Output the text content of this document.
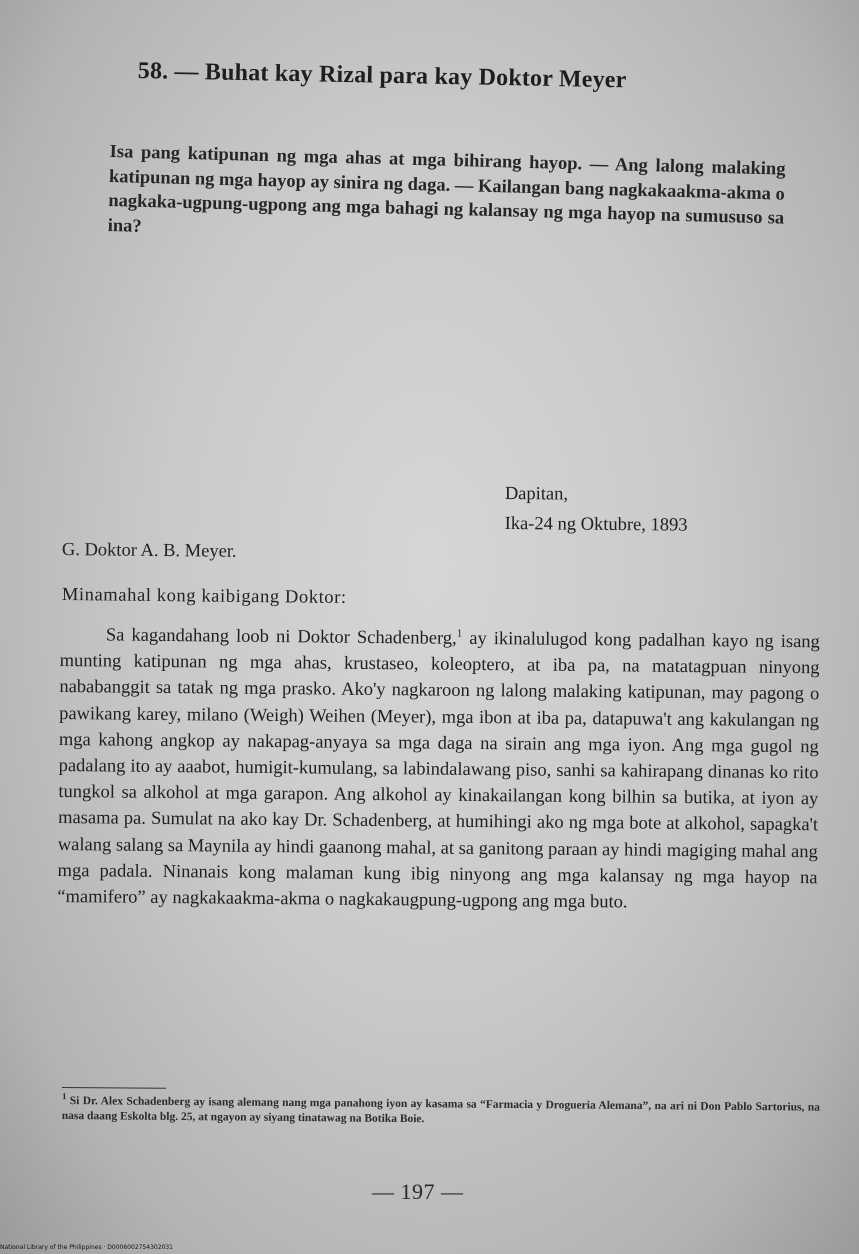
58. — Buhat kay Rizal para kay Doktor Meyer
Isa pang katipunan ng mga ahas at mga bihirang hayop. — Ang lalong malaking katipunan ng mga hayop ay sinira ng daga. — Kailangan bang nagkakaakma-akma o nagkaka-ugpung-ugpong ang mga bahagi ng kalansay ng mga hayop na sumususo sa ina?
Dapitan,
Ika-24 ng Oktubre, 1893
G. Doktor A. B. Meyer.
Minamahal kong kaibigang Doktor:

Sa kagandahang loob ni Doktor Schadenberg,$^1$ ay ikinalulugod kong padalhan kayo ng isang munting katipunan ng mga ahas, krustaseo, koleoptero, at iba pa, na matatagpuan ninyong nababanggit sa tatak ng mga prasko. Ako'y nagkaroon ng lalong malaking katipunan, may pagong o pawikang karey, milano (Weigh) Weihen (Meyer), mga ibon at iba pa, datapuwa't ang kakulangan ng mga kahong angkop ay nakapag-anyaya sa mga daga na sirain ang mga iyon. Ang mga gugol ng padalang ito ay aaabot, humigit-kumulang, sa labindalawang piso, sanhi sa kahirapang dinanas ko rito tungkol sa alkohol at mga garapon. Ang alkohol ay kinakailangan kong bilhin sa butika, at iyon ay masama pa. Sumulat na ako kay Dr. Schadenberg, at humihingi ako ng mga bote at alkohol, sapagka't walang salang sa Maynila ay hindi gaanong mahal, at sa ganitong paraan ay hindi magiging mahal ang mga padala. Ninanais kong malaman kung ibig ninyong ang mga kalansay ng mga hayop na “mamifero” ay nagkakaakma-akma o nagkakaugpung-ugpong ang mga buto.

$^1$ Si Dr. Alex Schadenberg ay isang alemang nang mga panahong iyon ay kasama sa “Farmacia y Drogueria Alemana”, na ari ni Don Pablo Sartorius, na nasa daang Eskolta blg. 25, at ngayon ay siyang tinatawag na Botika Boie.
— 197 —
National Library of the Philippines · D0006002754302031
